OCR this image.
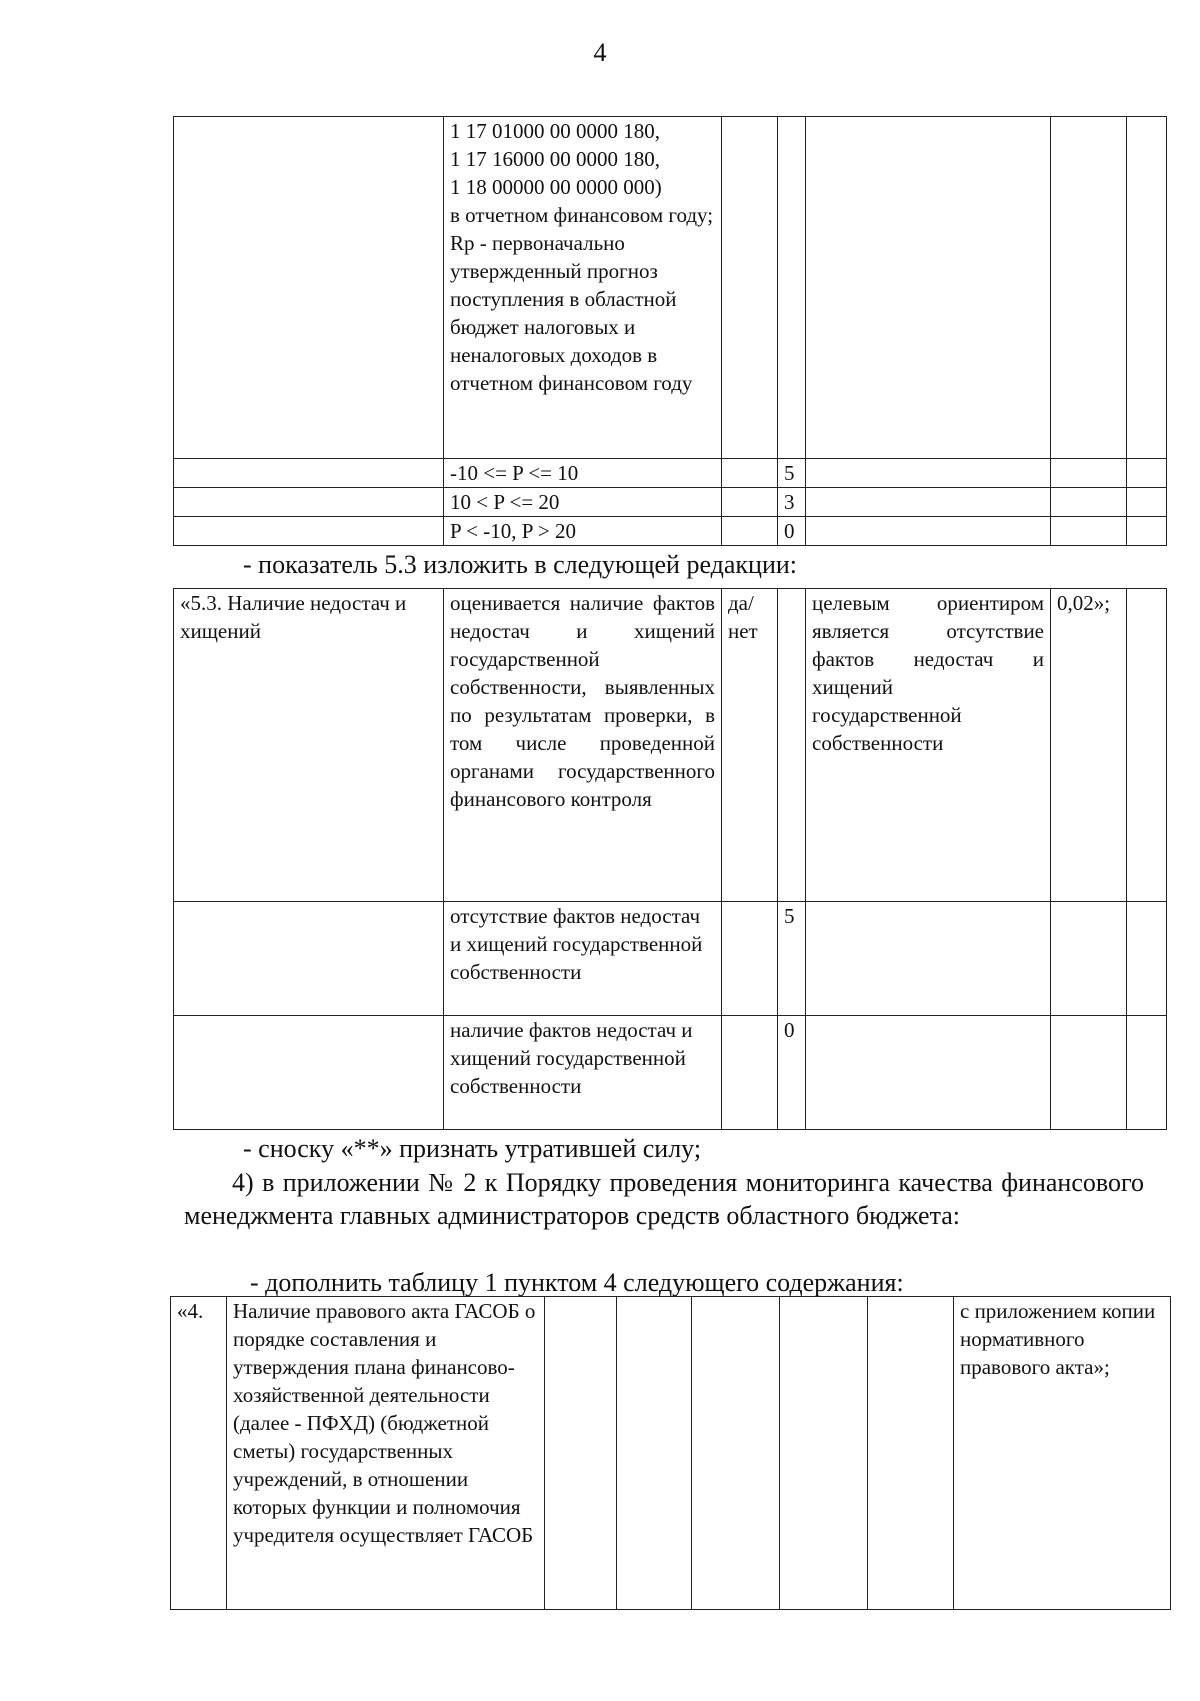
4
	1 17 01000 00 0000 180,
1 17 16000 00 0000 180,
1 18 00000 00 0000 000)
в отчетном финансовом году;
Rp - первоначально утвержденный прогноз поступления в областной бюджет налоговых и неналоговых доходов в отчетном финансовом году					
	-10 <= P <= 10		5			
	10 < P <= 20		3			
	P < -10, P > 20		0			
- показатель 5.3 изложить в следующей редакции:
«5.3. Наличие недостач и хищений	оценивается наличие фактов недостач и хищений государственной собственности, выявленных по результатам проверки, в том числе проведенной органами государственного финансового контроля	да/ нет		целевым ориентиром является отсутствие фактов недостач и хищений государственной собственности	0,02»;	
	отсутствие фактов недостач и хищений государственной собственности		5			
	наличие фактов недостач и хищений государственной собственности		0			
- сноску «**» признать утратившей силу;
4) в приложении № 2 к Порядку проведения мониторинга качества финансового менеджмента главных администраторов средств областного бюджета:
- дополнить таблицу 1 пунктом 4 следующего содержания:
«4.	Наличие правового акта ГАСОБ о порядке составления и утверждения плана финансово-хозяйственной деятельности (далее - ПФХД) (бюджетной сметы) государственных учреждений, в отношении которых функции и полномочия учредителя осуществляет ГАСОБ						с приложением копии нормативного правового акта»;
